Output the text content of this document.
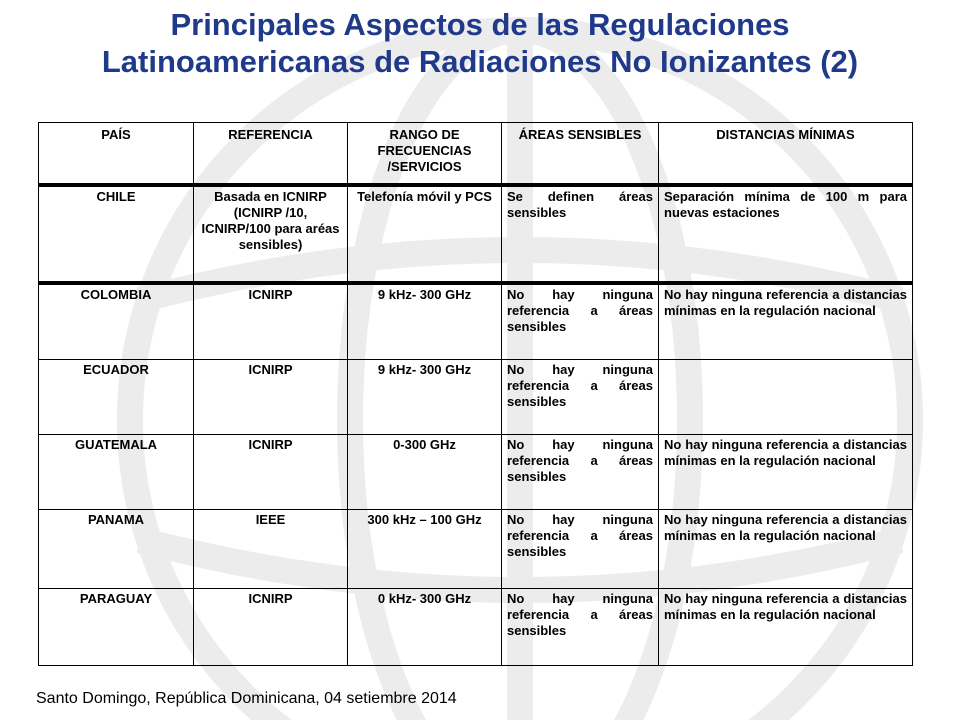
Principales Aspectos de las Regulaciones
Latinoamericanas de Radiaciones No Ionizantes (2)
PAÍS	REFERENCIA	RANGO DE FRECUENCIAS /SERVICIOS	ÁREAS SENSIBLES	DISTANCIAS MÍNIMAS
CHILE	Basada en ICNIRP (ICNIRP /10, ICNIRP/100 para aréas sensibles)	Telefonía móvil y PCS	Se definen áreas sensibles	Separación mínima de 100 m para nuevas estaciones
COLOMBIA	ICNIRP	9 kHz- 300 GHz	No hay ninguna referencia a áreas sensibles	No hay ninguna referencia a distancias mínimas en la regulación nacional
ECUADOR	ICNIRP	9 kHz- 300 GHz	No hay ninguna referencia a áreas sensibles	
GUATEMALA	ICNIRP	0-300 GHz	No hay ninguna referencia a áreas sensibles	No hay ninguna referencia a distancias mínimas en la regulación nacional
PANAMA	IEEE	300 kHz – 100 GHz	No hay ninguna referencia a áreas sensibles	No hay ninguna referencia a distancias mínimas en la regulación nacional
PARAGUAY	ICNIRP	0 kHz- 300 GHz	No hay ninguna referencia a áreas sensibles	No hay ninguna referencia a distancias mínimas en la regulación nacional
Santo Domingo, República Dominicana, 04 setiembre 2014
